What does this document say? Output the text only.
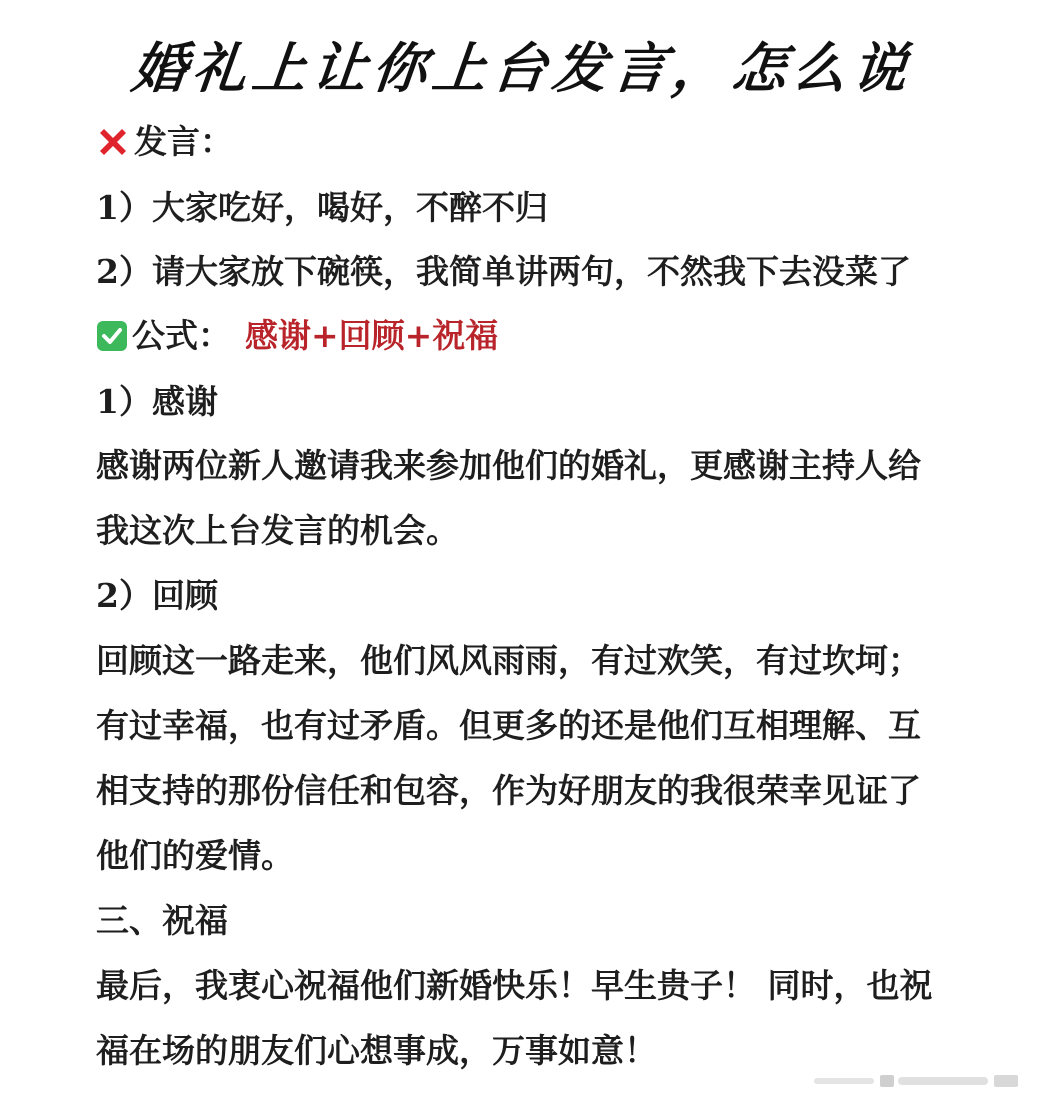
婚礼上让你上台发言，怎么说
发言：
1）大家吃好，喝好，不醉不归
2）请大家放下碗筷，我简单讲两句，不然我下去没菜了
公式： 感谢+回顾+祝福
1）感谢
感谢两位新人邀请我来参加他们的婚礼，更感谢主持人给
我这次上台发言的机会。
2）回顾
回顾这一路走来，他们风风雨雨，有过欢笑，有过坎坷；
有过幸福，也有过矛盾。但更多的还是他们互相理解、互
相支持的那份信任和包容，作为好朋友的我很荣幸见证了
他们的爱情。
三、祝福
最后，我衷心祝福他们新婚快乐！早生贵子！ 同时，也祝
福在场的朋友们心想事成，万事如意！
